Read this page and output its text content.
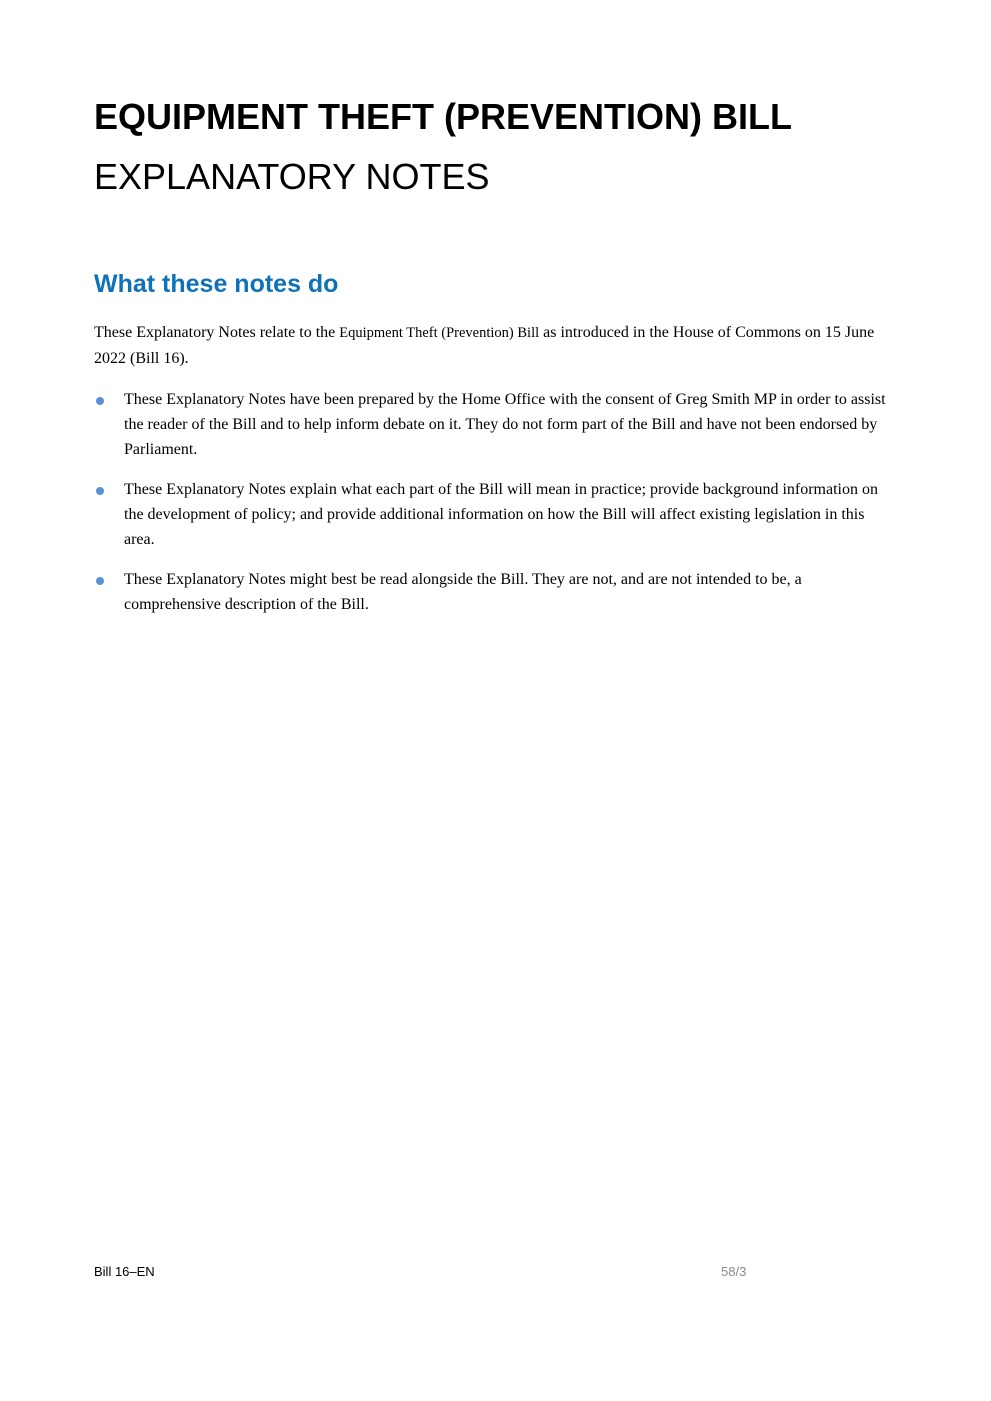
EQUIPMENT THEFT (PREVENTION) BILL
EXPLANATORY NOTES
What these notes do

These Explanatory Notes relate to the Equipment Theft (Prevention) Bill as introduced in the House of Commons on 15 June 2022 (Bill 16).

These Explanatory Notes have been prepared by the Home Office with the consent of Greg Smith MP in order to assist the reader of the Bill and to help inform debate on it. They do not form part of the Bill and have not been endorsed by Parliament.
These Explanatory Notes explain what each part of the Bill will mean in practice; provide background information on the development of policy; and provide additional information on how the Bill will affect existing legislation in this area.
These Explanatory Notes might best be read alongside the Bill. They are not, and are not intended to be, a comprehensive description of the Bill.
Bill 16–EN	58/3
